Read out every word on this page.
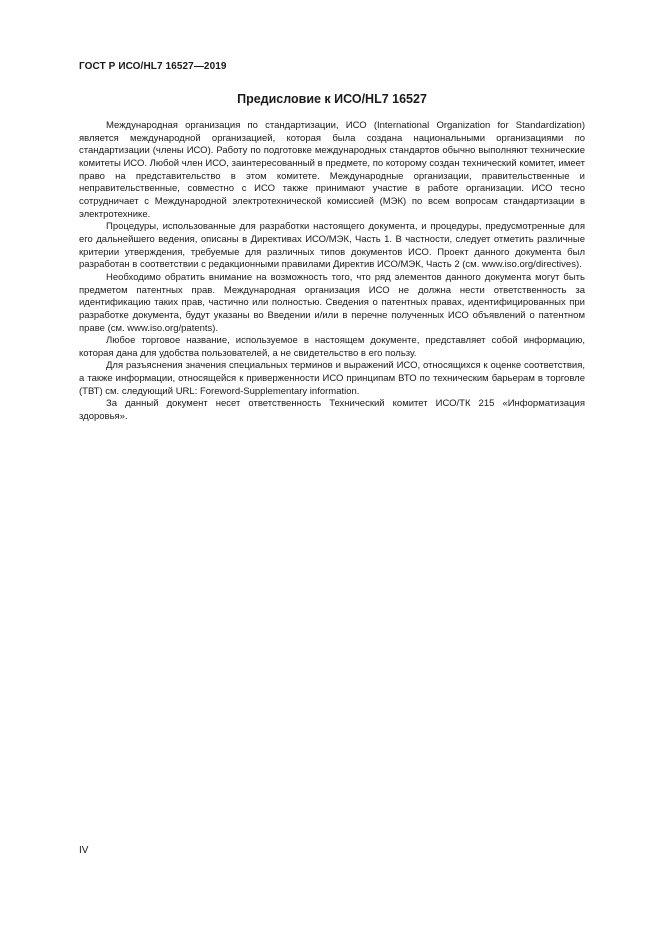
ГОСТ Р ИСО/HL7 16527—2019
Предисловие к ИСО/HL7 16527

Международная организация по стандартизации, ИСО (International Organization for Standardization) является международной организацией, которая была создана национальными организациями по стандартизации (члены ИСО). Работу по подготовке международных стандартов обычно выполняют технические комитеты ИСО. Любой член ИСО, заинтересованный в предмете, по которому создан технический комитет, имеет право на представительство в этом комитете. Международные организации, правительственные и неправительственные, совместно с ИСО также принимают участие в работе организации. ИСО тесно сотрудничает с Международной электротехнической комиссией (МЭК) по всем вопросам стандартизации в электротехнике.

Процедуры, использованные для разработки настоящего документа, и процедуры, предусмотренные для его дальнейшего ведения, описаны в Директивах ИСО/МЭК, Часть 1. В частности, следует отметить различные критерии утверждения, требуемые для различных типов документов ИСО. Проект данного документа был разработан в соответствии с редакционными правилами Директив ИСО/МЭК, Часть 2 (см. www.iso.org/directives).

Необходимо обратить внимание на возможность того, что ряд элементов данного документа могут быть предметом патентных прав. Международная организация ИСО не должна нести ответственность за идентификацию таких прав, частично или полностью. Сведения о патентных правах, идентифицированных при разработке документа, будут указаны во Введении и/или в перечне полученных ИСО объявлений о патентном праве (см. www.iso.org/patents).

Любое торговое название, используемое в настоящем документе, представляет собой информацию, которая дана для удобства пользователей, а не свидетельство в его пользу.

Для разъяснения значения специальных терминов и выражений ИСО, относящихся к оценке соответствия, а также информации, относящейся к приверженности ИСО принципам ВТО по техническим барьерам в торговле (ТВТ) см. следующий URL: Foreword-Supplementary information.

За данный документ несет ответственность Технический комитет ИСО/ТК 215 «Информатизация здоровья».

IV
